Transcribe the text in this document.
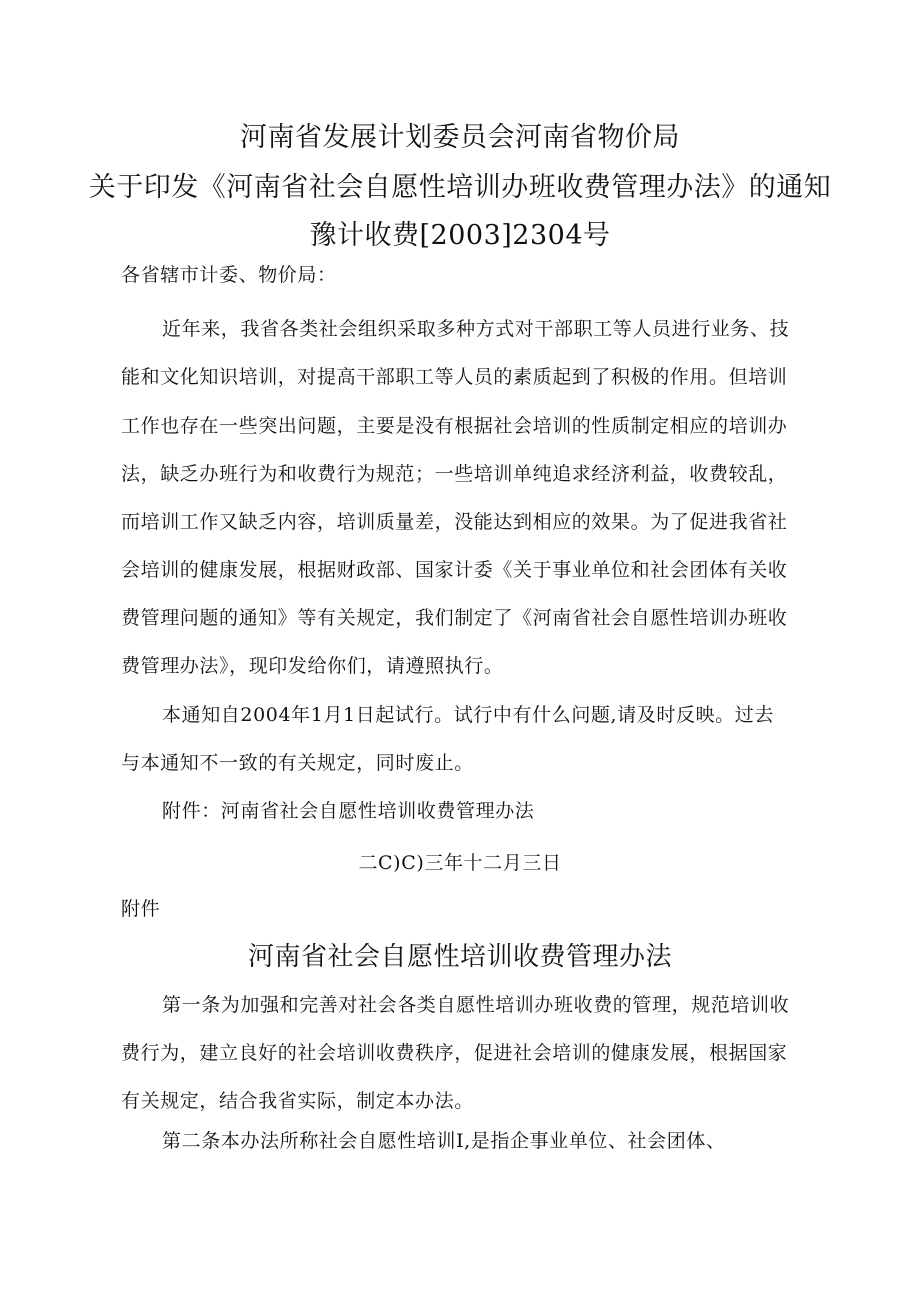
河南省发展计划委员会河南省物价局
关于印发《河南省社会自愿性培训办班收费管理办法》的通知
豫计收费[2003]2304号
各省辖市计委、物价局：
近年来，我省各类社会组织采取多种方式对干部职工等人员进行业务、技
能和文化知识培训，对提高干部职工等人员的素质起到了积极的作用。但培训
工作也存在一些突出问题，主要是没有根据社会培训的性质制定相应的培训办
法，缺乏办班行为和收费行为规范；一些培训单纯追求经济利益，收费较乱，
而培训工作又缺乏内容，培训质量差，没能达到相应的效果。为了促进我省社
会培训的健康发展，根据财政部、国家计委《关于事业单位和社会团体有关收
费管理问题的通知》等有关规定，我们制定了《河南省社会自愿性培训办班收
费管理办法》，现印发给你们，请遵照执行。
本通知自2004年1月1日起试行。试行中有什么问题,请及时反映。过去
与本通知不一致的有关规定，同时废止。
附件：河南省社会自愿性培训收费管理办法
二C)C)三年十二月三日
附件
河南省社会自愿性培训收费管理办法
第一条为加强和完善对社会各类自愿性培训办班收费的管理，规范培训收
费行为，建立良好的社会培训收费秩序，促进社会培训的健康发展，根据国家
有关规定，结合我省实际，制定本办法。
第二条本办法所称社会自愿性培训I,是指企事业单位、社会团体、
